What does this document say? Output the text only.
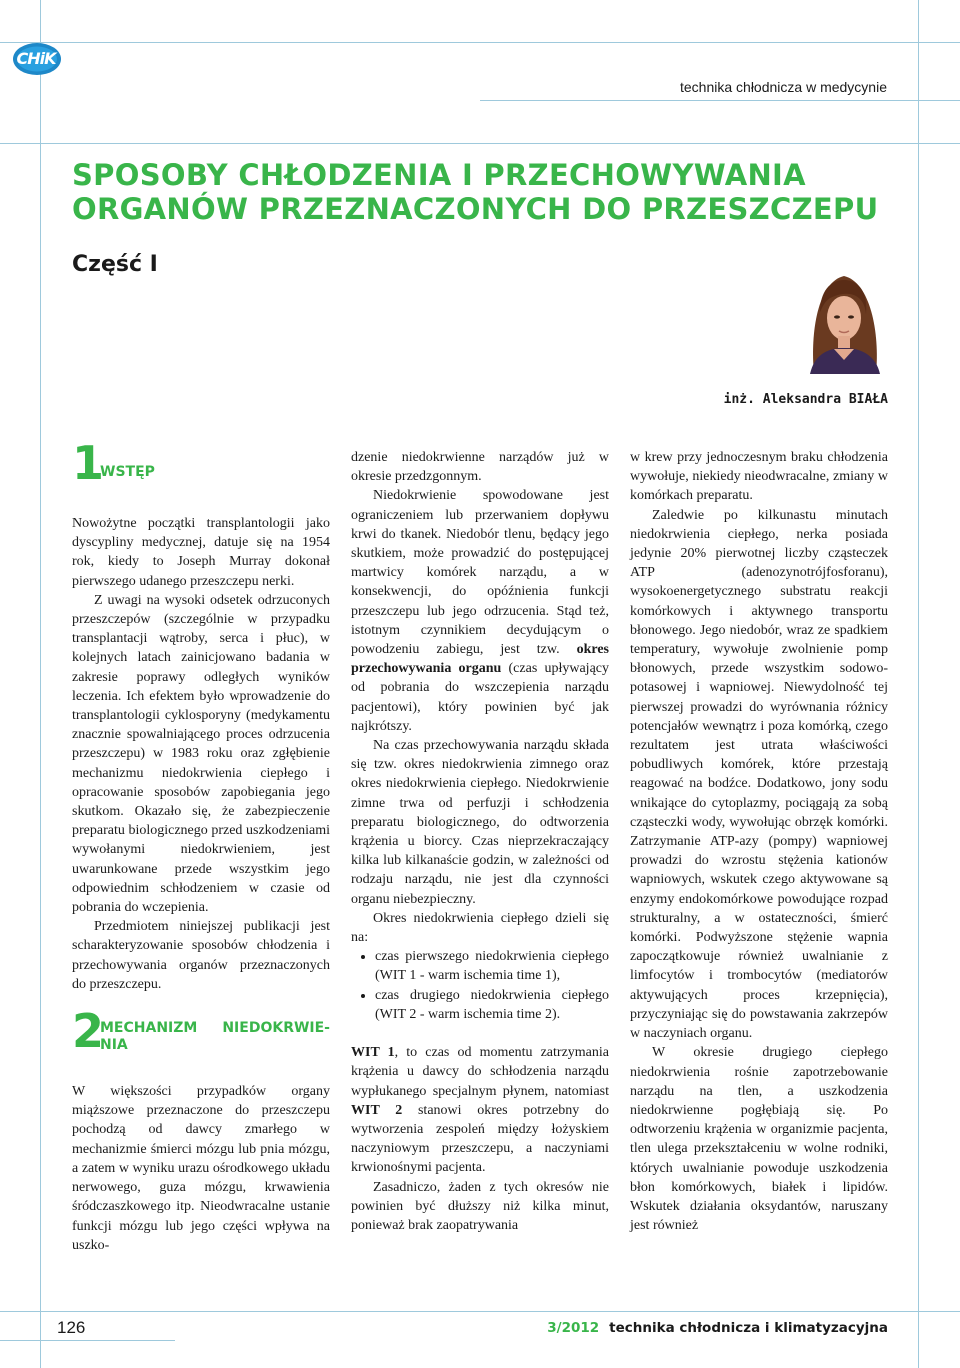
CHiK
technika chłodnicza w medycynie
SPOSOBY CHŁODZENIA I PRZECHOWYWANIA
ORGANÓW PRZEZNACZONYCH DO PRZESZCZEPU
Część I
inż. Aleksandra BIAŁA
1
WSTĘP

Nowożytne początki transplantologii jako dyscypliny medycznej, datuje się na 1954 rok, kiedy to Joseph Murray dokonał pierwszego udanego przeszczepu nerki.

Z uwagi na wysoki odsetek odrzuconych przeszczepów (szczególnie w przypadku transplantacji wątroby, serca i płuc), w kolejnych latach zainicjowano badania w zakresie poprawy odległych wyników leczenia. Ich efektem było wprowadzenie do transplantologii cyklosporyny (medykamentu znacznie spowalniającego proces odrzucenia przeszczepu) w 1983 roku oraz zgłębienie mechanizmu niedokrwienia ciepłego i opracowanie sposobów zapobiegania jego skutkom. Okazało się, że zabezpieczenie preparatu biologicznego przed uszkodzeniami wywołanymi niedokrwieniem, jest uwarunkowane przede wszystkim jego odpowiednim schłodzeniem w czasie od pobrania do wczepienia.

Przedmiotem niniejszej publikacji jest scharakteryzowanie sposobów chłodzenia i przechowywania organów przeznaczonych do przeszczepu.

2
MECHANIZM NIEDOKRWIE-
NIA

W większości przypadków organy miąższowe przeznaczone do przeszczepu pochodzą od dawcy zmarłego w mechanizmie śmierci mózgu lub pnia mózgu, a zatem w wyniku urazu ośrodkowego układu nerwowego, guza mózgu, krwawienia śródczaszkowego itp. Nieodwracalne ustanie funkcji mózgu lub jego części wpływa na uszko-

dzenie niedokrwienne narządów już w okresie przedzgonnym.

Niedokrwienie spowodowane jest ograniczeniem lub przerwaniem dopływu krwi do tkanek. Niedobór tlenu, będący jego skutkiem, może prowadzić do postępującej martwicy komórek narządu, a w konsekwencji, do opóźnienia funkcji przeszczepu lub jego odrzucenia. Stąd też, istotnym czynnikiem decydującym o powodzeniu zabiegu, jest tzw. okres przechowywania organu (czas upływający od pobrania do wszczepienia narządu pacjentowi), który powinien być jak najkrótszy.

Na czas przechowywania narządu składa się tzw. okres niedokrwienia zimnego oraz okres niedokrwienia ciepłego. Niedokrwienie zimne trwa od perfuzji i schłodzenia preparatu biologicznego, do odtworzenia krążenia u biorcy. Czas nieprzekraczający kilka lub kilkanaście godzin, w zależności od rodzaju narządu, nie jest dla czynności organu niebezpieczny.

Okres niedokrwienia ciepłego dzieli się na:

• czas pierwszego niedokrwienia ciepłego (WIT 1 - warm ischemia time 1),
• czas drugiego niedokrwienia ciepłego (WIT 2 - warm ischemia time 2).

WIT 1, to czas od momentu zatrzymania krążenia u dawcy do schłodzenia narządu wypłukanego specjalnym płynem, natomiast WIT 2 stanowi okres potrzebny do wytworzenia zespoleń między łożyskiem naczyniowym przeszczepu, a naczyniami krwionośnymi pacjenta.

Zasadniczo, żaden z tych okresów nie powinien być dłuższy niż kilka minut, ponieważ brak zaopatrywania

w krew przy jednoczesnym braku chłodzenia wywołuje, niekiedy nieodwracalne, zmiany w komórkach preparatu.

Zaledwie po kilkunastu minutach niedokrwienia ciepłego, nerka posiada jedynie 20% pierwotnej liczby cząsteczek ATP (adenozynotrójfosforanu), wysokoenergetycznego substratu reakcji komórkowych i aktywnego transportu błonowego. Jego niedobór, wraz ze spadkiem temperatury, wywołuje zwolnienie pomp błonowych, przede wszystkim sodowo-potasowej i wapniowej. Niewydolność tej pierwszej prowadzi do wyrównania różnicy potencjałów wewnątrz i poza komórką, czego rezultatem jest utrata właściwości pobudliwych komórek, które przestają reagować na bodźce. Dodatkowo, jony sodu wnikające do cytoplazmy, pociągają za sobą cząsteczki wody, wywołując obrzęk komórki. Zatrzymanie ATP-azy (pompy) wapniowej prowadzi do wzrostu stężenia kationów wapniowych, wskutek czego aktywowane są enzymy endokomórkowe powodujące rozpad strukturalny, a w ostateczności, śmierć komórki. Podwyższone stężenie wapnia zapoczątkowuje również uwalnianie z limfocytów i trombocytów (mediatorów aktywujących proces krzepnięcia), przyczyniając się do powstawania zakrzepów w naczyniach organu.

W okresie drugiego ciepłego niedokrwienia rośnie zapotrzebowanie narządu na tlen, a uszkodzenia niedokrwienne pogłębiają się. Po odtworzeniu krążenia w organizmie pacjenta, tlen ulega przekształceniu w wolne rodniki, których uwalnianie powoduje uszkodzenia błon komórkowych, białek i lipidów. Wskutek działania oksydantów, naruszany jest również

126	3/2012 technika chłodnicza i klimatyzacyjna
